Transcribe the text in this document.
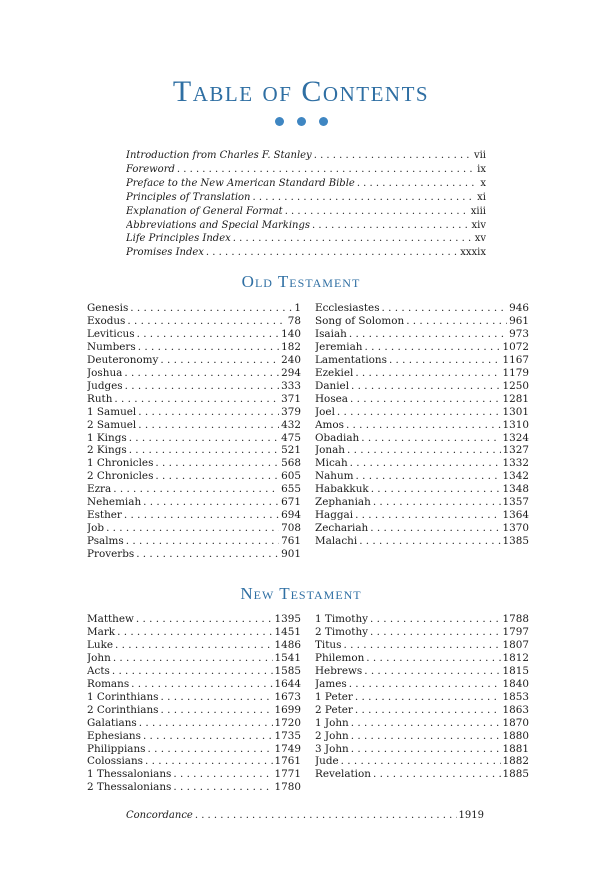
Table of Contents
Introduction from Charles F. Stanley . . .	vii
Foreword . . .	ix
Preface to the New American Standard Bible . . .	x
Principles of Translation . . .	xi
Explanation of General Format . . .	xiii
Abbreviations and Special Markings . . .	xiv
Life Principles Index . . .	xv
Promises Index . . .	xxxix
Old Testament
Genesis . . .	1
Exodus . . .	78
Leviticus . . .	140
Numbers . . .	182
Deuteronomy . . .	240
Joshua . . .	294
Judges . . .	333
Ruth . . .	371
1 Samuel . . .	379
2 Samuel . . .	432
1 Kings . . .	475
2 Kings . . .	521
1 Chronicles . . .	568
2 Chronicles . . .	605
Ezra . . .	655
Nehemiah . . .	671
Esther . . .	694
Job . . .	708
Psalms . . .	761
Proverbs . . .	901
Ecclesiastes . . .	946
Song of Solomon . . .	961
Isaiah . . .	973
Jeremiah . . .	1072
Lamentations . . .	1167
Ezekiel . . .	1179
Daniel . . .	1250
Hosea . . .	1281
Joel . . .	1301
Amos . . .	1310
Obadiah . . .	1324
Jonah . . .	1327
Micah . . .	1332
Nahum . . .	1342
Habakkuk . . .	1348
Zephaniah . . .	1357
Haggai . . .	1364
Zechariah . . .	1370
Malachi . . .	1385
New Testament
Matthew . . .	1395
Mark . . .	1451
Luke . . .	1486
John . . .	1541
Acts . . .	1585
Romans . . .	1644
1 Corinthians . . .	1673
2 Corinthians . . .	1699
Galatians . . .	1720
Ephesians . . .	1735
Philippians . . .	1749
Colossians . . .	1761
1 Thessalonians . . .	1771
2 Thessalonians . . .	1780
1 Timothy . . .	1788
2 Timothy . . .	1797
Titus . . .	1807
Philemon . . .	1812
Hebrews . . .	1815
James . . .	1840
1 Peter . . .	1853
2 Peter . . .	1863
1 John . . .	1870
2 John . . .	1880
3 John . . .	1881
Jude . . .	1882
Revelation . . .	1885
Concordance . . .	1919
